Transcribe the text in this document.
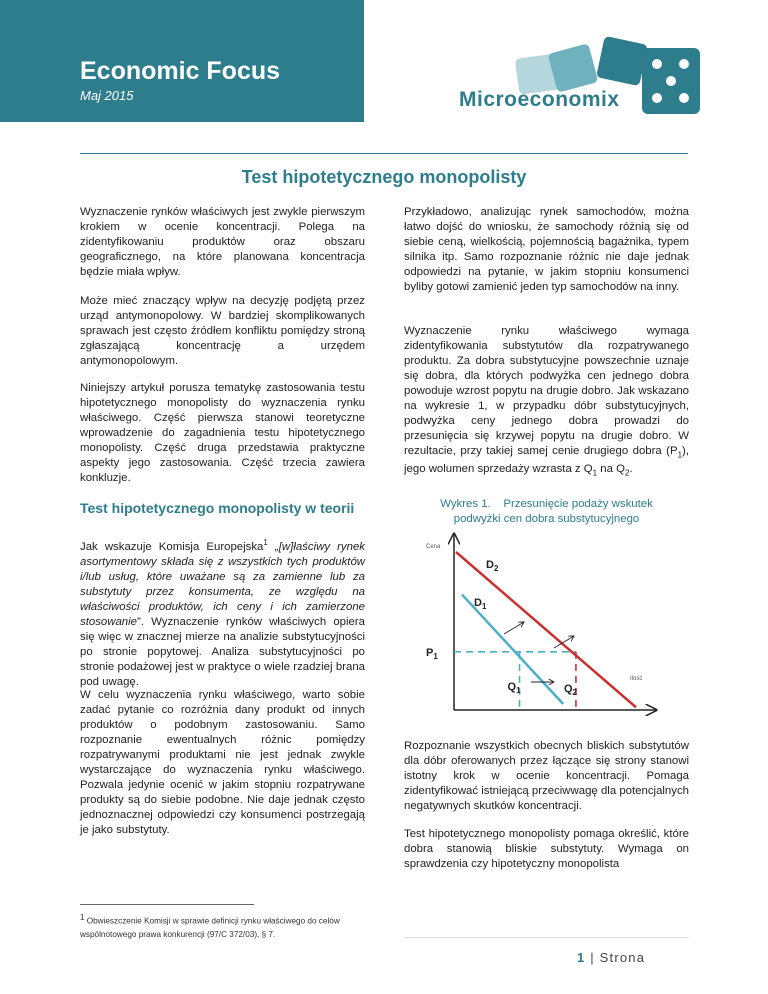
Economic Focus
Maj 2015	Microeconomix
Test hipotetycznego monopolisty

Wyznaczenie rynków właściwych jest zwykle pierwszym krokiem w ocenie koncentracji. Polega na zidentyfikowaniu produktów oraz obszaru geograficznego, na które planowana koncentracja będzie miała wpływ.

Może mieć znaczący wpływ na decyzję podjętą przez urząd antymonopolowy. W bardziej skomplikowanych sprawach jest często źródłem konfliktu pomiędzy stroną zgłaszającą koncentrację a urzędem antymonopolowym.

Niniejszy artykuł porusza tematykę zastosowania testu hipotetycznego monopolisty do wyznaczenia rynku właściwego. Część pierwsza stanowi teoretyczne wprowadzenie do zagadnienia testu hipotetycznego monopolisty. Część druga przedstawia praktyczne aspekty jego zastosowania. Część trzecia zawiera konkluzje.

Test hipotetycznego monopolisty w teorii

Jak wskazuje Komisja Europejska$^1$ „[w]łaściwy rynek asortymentowy składa się z wszystkich tych produktów i/lub usług, które uważane są za zamienne lub za substytuty przez konsumenta, ze względu na właściwości produktów, ich ceny i ich zamierzone stosowanie”. Wyznaczenie rynków właściwych opiera się więc w znacznej mierze na analizie substytucyjności po stronie popytowej. Analiza substytucyjności po stronie podażowej jest w praktyce o wiele rzadziej brana pod uwagę.

W celu wyznaczenia rynku właściwego, warto sobie zadać pytanie co rozróżnia dany produkt od innych produktów o podobnym zastosowaniu. Samo rozpoznanie ewentualnych różnic pomiędzy rozpatrywanymi produktami nie jest jednak zwykle wystarczające do wyznaczenia rynku właściwego. Pozwala jedynie ocenić w jakim stopniu rozpatrywane produkty są do siebie podobne. Nie daje jednak często jednoznacznej odpowiedzi czy konsumenci postrzegają je jako substytuty.

Przykładowo, analizując rynek samochodów, można łatwo dojść do wniosku, że samochody różnią się od siebie ceną, wielkością, pojemnością bagażnika, typem silnika itp. Samo rozpoznanie różnic nie daje jednak odpowiedzi na pytanie, w jakim stopniu konsumenci byliby gotowi zamienić jeden typ samochodów na inny.

Wyznaczenie rynku właściwego wymaga zidentyfikowania substytutów dla rozpatrywanego produktu. Za dobra substytucyjne powszechnie uznaje się dobra, dla których podwyżka cen jednego dobra powoduje wzrost popytu na drugie dobro. Jak wskazano na wykresie 1, w przypadku dóbr substytucyjnych, podwyżka ceny jednego dobra prowadzi do przesunięcia się krzywej popytu na drugie dobro. W rezultacie, przy takiej samej cenie drugiego dobra $(P_1)$, jego wolumen sprzedaży wzrasta z $Q_1$ na $Q_2$.

Wykres 1.    Przesunięcie podaży wskutek
podwyżki cen dobra substytucyjnego
Cena
Ilość
$D_2$
$D_1$
$P_1$
$Q_1$	$Q_2$

Rozpoznanie wszystkich obecnych bliskich substytutów dla dóbr oferowanych przez łączące się strony stanowi istotny krok w ocenie koncentracji. Pomaga zidentyfikować istniejącą przeciwwagę dla potencjalnych negatywnych skutków koncentracji.

Test hipotetycznego monopolisty pomaga określić, które dobra stanowią bliskie substytuty. Wymaga on sprawdzenia czy hipotetyczny monopolista

$^1$ Obwieszczenie Komisji w sprawie definicji rynku właściwego do celów wspólnotowego prawa konkurencji (97/C 372/03), § 7.
1 | Strona
